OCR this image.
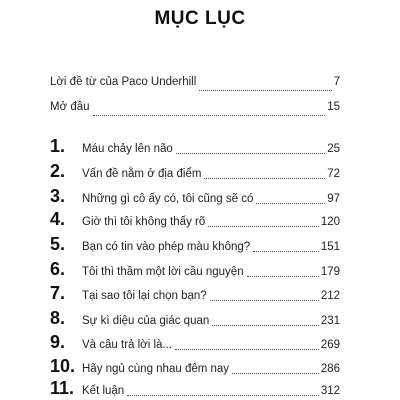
MỤC LỤC
Lời đề từ của Paco Underhill	7
Mở đầu	15
1.	Máu chảy lên não	25
2.	Vấn đề nằm ở địa điểm	72
3.	Những gì cô ấy có, tôi cũng sẽ có	97
4.	Giờ thì tôi không thấy rõ	120
5.	Bạn có tin vào phép màu không?	151
6.	Tôi thì thầm một lời cầu nguyện	179
7.	Tại sao tôi lại chọn bạn?	212
8.	Sự kì diệu của giác quan	231
9.	Và câu trả lời là...	269
10. Hãy ngủ cùng nhau đêm nay	286
11. Kết luận	312
